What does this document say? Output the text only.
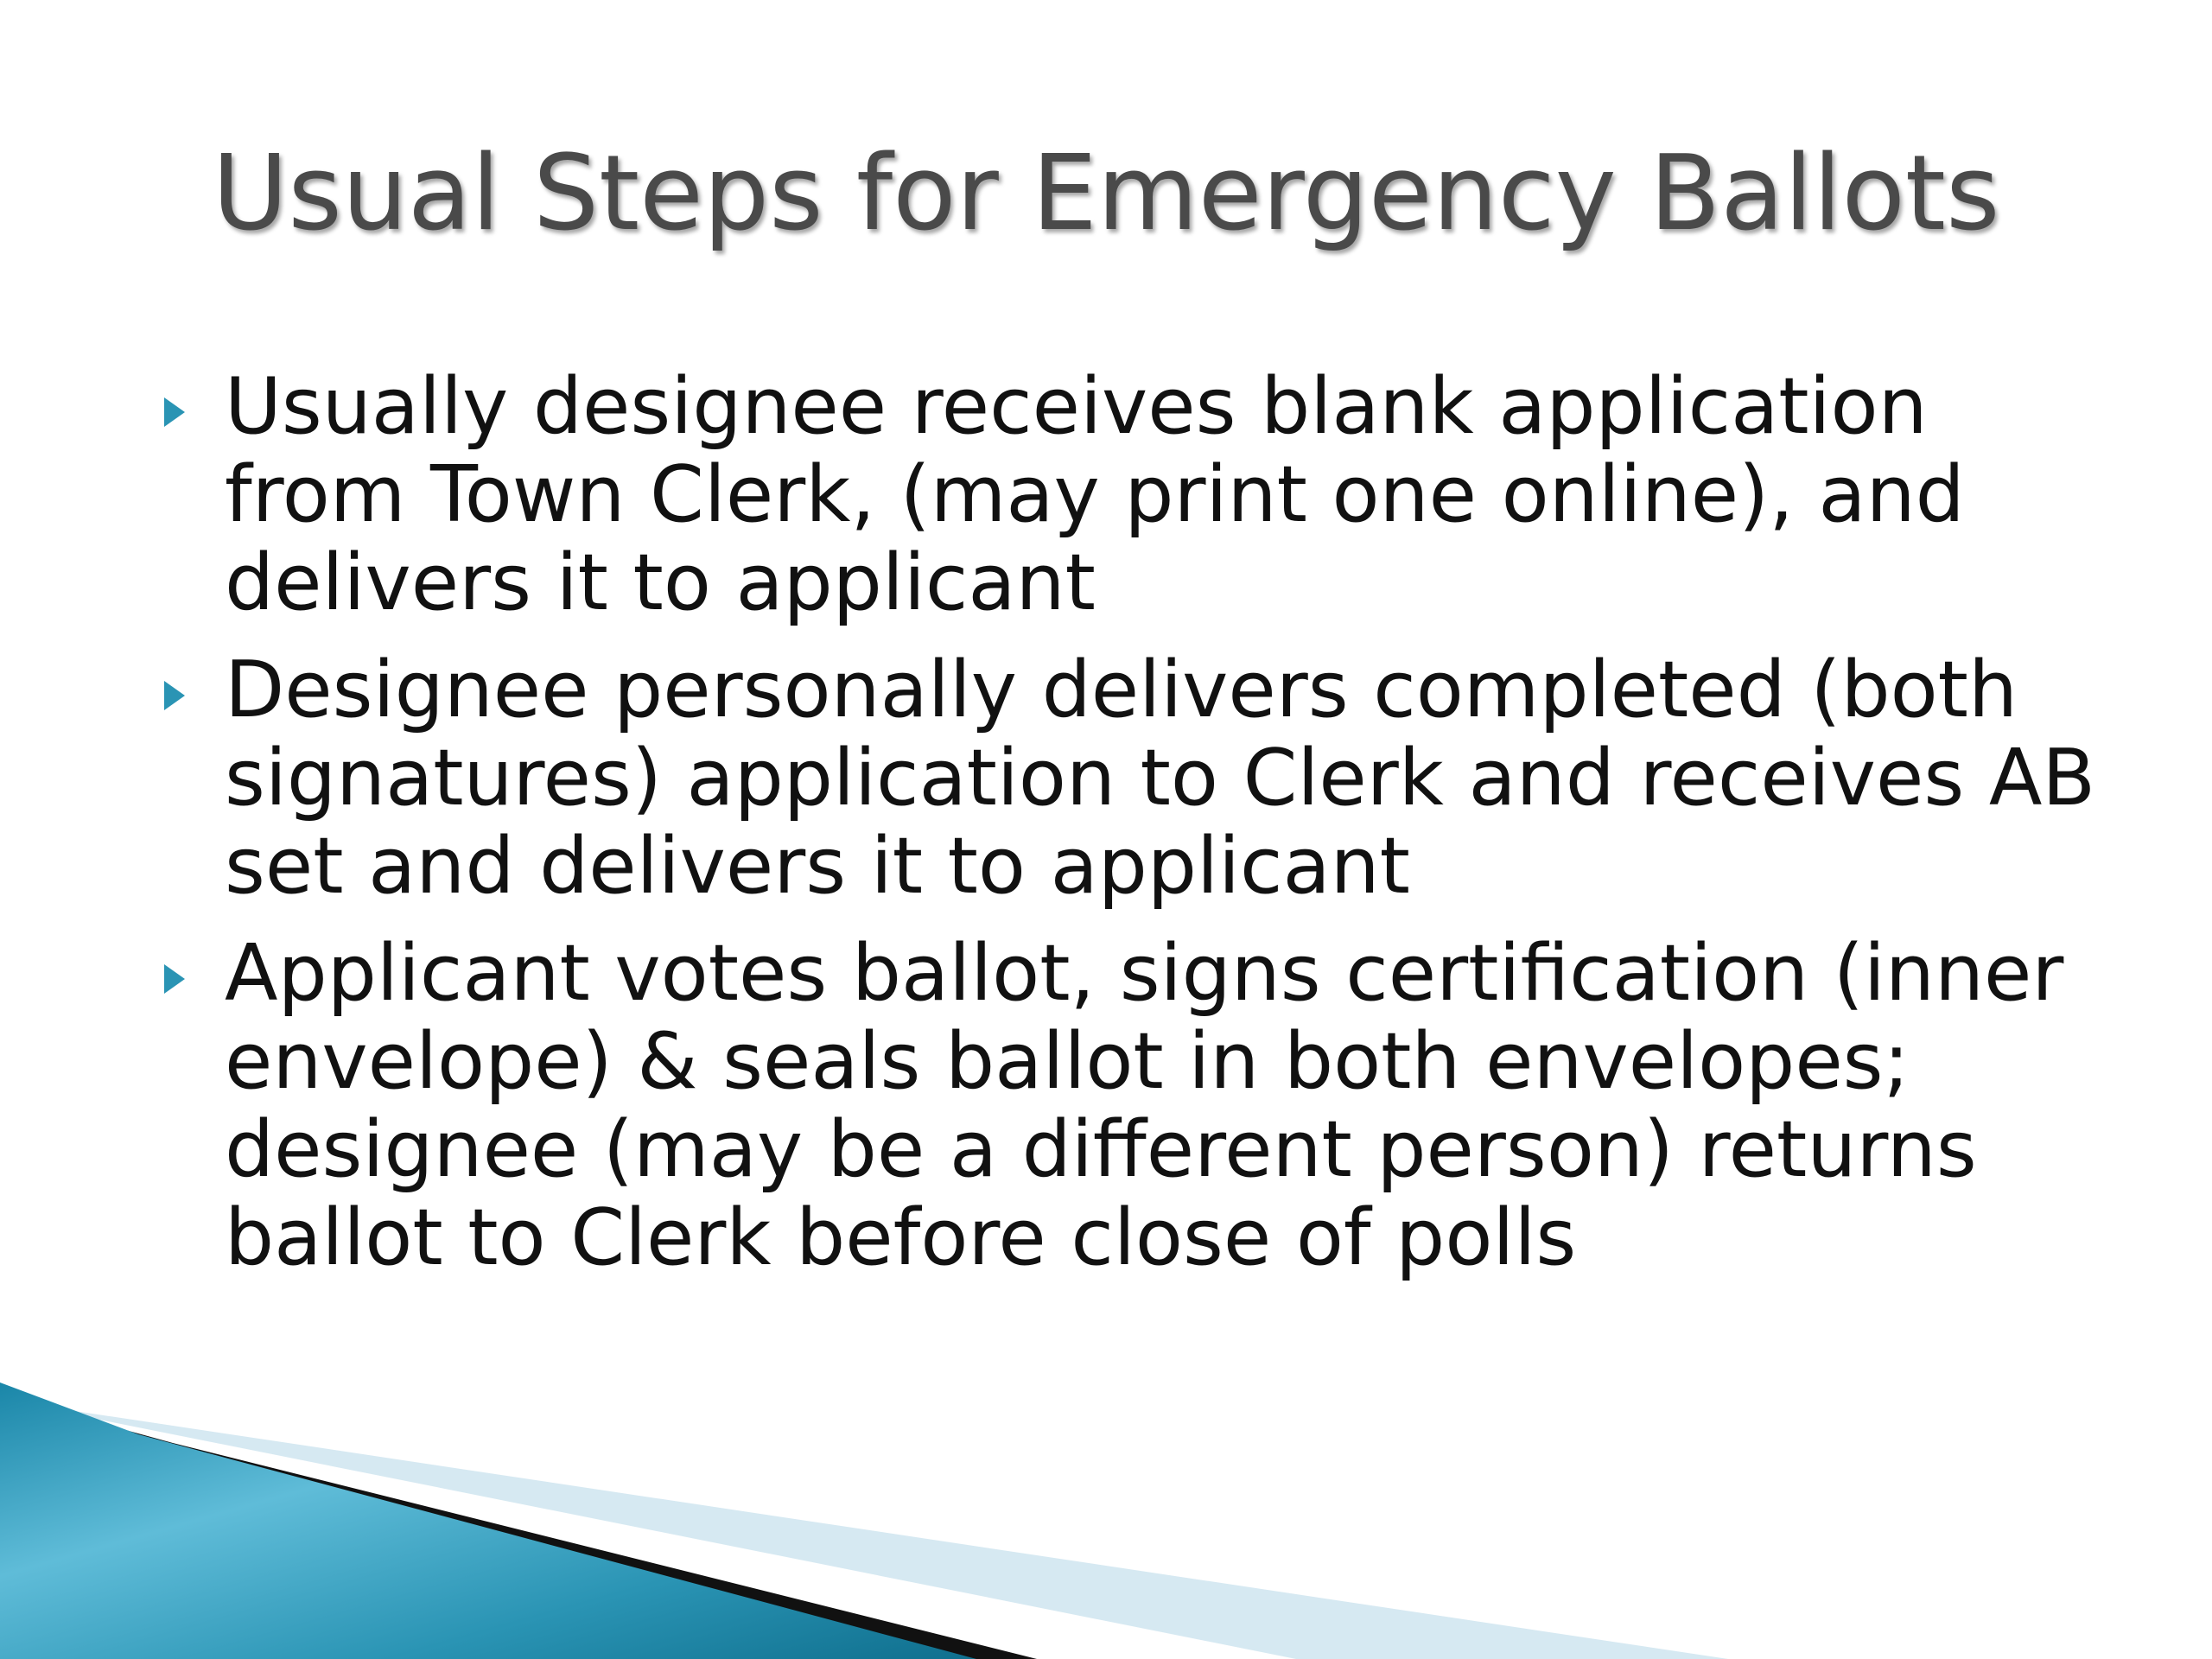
Usual Steps for Emergency Ballots
Usually designee receives blank application from Town Clerk, (may print one online), and delivers it to applicant
Designee personally delivers completed (both signatures) application to Clerk and receives AB set and delivers it to applicant
Applicant votes ballot, signs certification (inner envelope) & seals ballot in both envelopes; designee (may be a different person) returns ballot to Clerk before close of polls
